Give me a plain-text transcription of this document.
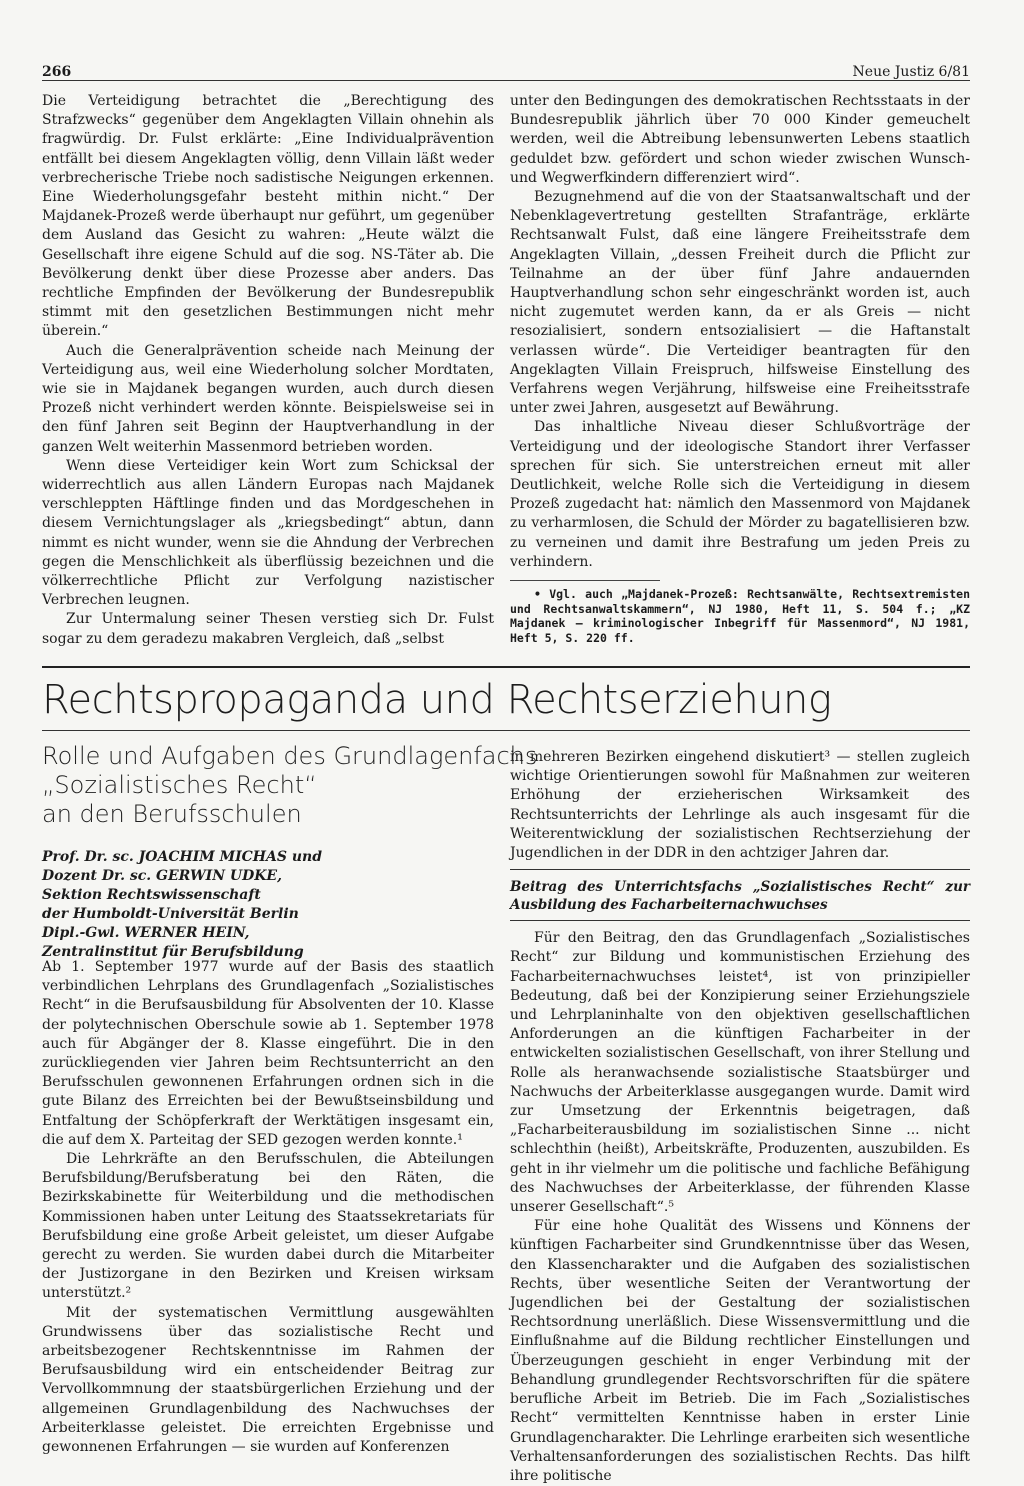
266	Neue Justiz 6/81

Die Verteidigung betrachtet die „Berechtigung des Strafzwecks“ gegenüber dem Angeklagten Villain ohnehin als fragwürdig. Dr. Fulst erklärte: „Eine Individualprävention entfällt bei diesem Angeklagten völlig, denn Villain läßt weder verbrecherische Triebe noch sadistische Neigungen erkennen. Eine Wiederholungsgefahr besteht mithin nicht.“ Der Majdanek-Prozeß werde überhaupt nur geführt, um gegenüber dem Ausland das Gesicht zu wahren: „Heute wälzt die Gesellschaft ihre eigene Schuld auf die sog. NS-Täter ab. Die Bevölkerung denkt über diese Prozesse aber anders. Das rechtliche Empfinden der Bevölkerung der Bundesrepublik stimmt mit den gesetzlichen Bestimmungen nicht mehr überein.“

Auch die Generalprävention scheide nach Meinung der Verteidigung aus, weil eine Wiederholung solcher Mordtaten, wie sie in Majdanek begangen wurden, auch durch diesen Prozeß nicht verhindert werden könnte. Beispielsweise sei in den fünf Jahren seit Beginn der Hauptverhandlung in der ganzen Welt weiterhin Massenmord betrieben worden.

Wenn diese Verteidiger kein Wort zum Schicksal der widerrechtlich aus allen Ländern Europas nach Majdanek verschleppten Häftlinge finden und das Mordgeschehen in diesem Vernichtungslager als „kriegsbedingt“ abtun, dann nimmt es nicht wunder, wenn sie die Ahndung der Verbrechen gegen die Menschlichkeit als überflüssig bezeichnen und die völkerrechtliche Pflicht zur Verfolgung nazistischer Verbrechen leugnen.

Zur Untermalung seiner Thesen verstieg sich Dr. Fulst sogar zu dem geradezu makabren Vergleich, daß „selbst

unter den Bedingungen des demokratischen Rechtsstaats in der Bundesrepublik jährlich über 70 000 Kinder gemeuchelt werden, weil die Abtreibung lebensunwerten Lebens staatlich geduldet bzw. gefördert und schon wieder zwischen Wunsch- und Wegwerfkindern differenziert wird“.

Bezugnehmend auf die von der Staatsanwaltschaft und der Nebenklagevertretung gestellten Strafanträge, erklärte Rechtsanwalt Fulst, daß eine längere Freiheitsstrafe dem Angeklagten Villain, „dessen Freiheit durch die Pflicht zur Teilnahme an der über fünf Jahre andauernden Hauptverhandlung schon sehr eingeschränkt worden ist, auch nicht zugemutet werden kann, da er als Greis — nicht resozialisiert, sondern entsozialisiert — die Haftanstalt verlassen würde“. Die Verteidiger beantragten für den Angeklagten Villain Freispruch, hilfsweise Einstellung des Verfahrens wegen Verjährung, hilfsweise eine Freiheitsstrafe unter zwei Jahren, ausgesetzt auf Bewährung.

Das inhaltliche Niveau dieser Schlußvorträge der Verteidigung und der ideologische Standort ihrer Verfasser sprechen für sich. Sie unterstreichen erneut mit aller Deutlichkeit, welche Rolle sich die Verteidigung in diesem Prozeß zugedacht hat: nämlich den Massenmord von Majdanek zu verharmlosen, die Schuld der Mörder zu bagatellisieren bzw. zu verneinen und damit ihre Bestrafung um jeden Preis zu verhindern.

• Vgl. auch „Majdanek-Prozeß: Rechtsanwälte, Rechtsextremisten und Rechtsanwaltskammern“, NJ 1980, Heft 11, S. 504 f.; „KZ Majdanek — kriminologischer Inbegriff für Massenmord“, NJ 1981, Heft 5, S. 220 ff.

Rechtspropaganda und Rechtserziehung
Rolle und Aufgaben des Grundlagenfachs
„Sozialistisches Recht“
an den Berufsschulen
Prof. Dr. sc. JOACHIM MICHAS und
Dozent Dr. sc. GERWIN UDKE,
Sektion Rechtswissenschaft
der Humboldt-Universität Berlin
Dipl.-Gwl. WERNER HEIN,
Zentralinstitut für Berufsbildung

Ab 1. September 1977 wurde auf der Basis des staatlich verbindlichen Lehrplans des Grundlagenfach „Sozialistisches Recht“ in die Berufsausbildung für Absolventen der 10. Klasse der polytechnischen Oberschule sowie ab 1. September 1978 auch für Abgänger der 8. Klasse eingeführt. Die in den zurückliegenden vier Jahren beim Rechtsunterricht an den Berufsschulen gewonnenen Erfahrungen ordnen sich in die gute Bilanz des Erreichten bei der Bewußtseinsbildung und Entfaltung der Schöpferkraft der Werktätigen insgesamt ein, die auf dem X. Parteitag der SED gezogen werden konnte.¹

Die Lehrkräfte an den Berufsschulen, die Abteilungen Berufsbildung/Berufsberatung bei den Räten, die Bezirkskabinette für Weiterbildung und die methodischen Kommissionen haben unter Leitung des Staatssekretariats für Berufsbildung eine große Arbeit geleistet, um dieser Aufgabe gerecht zu werden. Sie wurden dabei durch die Mitarbeiter der Justizorgane in den Bezirken und Kreisen wirksam unterstützt.²

Mit der systematischen Vermittlung ausgewählten Grundwissens über das sozialistische Recht und arbeitsbezogener Rechtskenntnisse im Rahmen der Berufsausbildung wird ein entscheidender Beitrag zur Vervollkommnung der staatsbürgerlichen Erziehung und der allgemeinen Grundlagenbildung des Nachwuchses der Arbeiterklasse geleistet. Die erreichten Ergebnisse und gewonnenen Erfahrungen — sie wurden auf Konferenzen

in mehreren Bezirken eingehend diskutiert³ — stellen zugleich wichtige Orientierungen sowohl für Maßnahmen zur weiteren Erhöhung der erzieherischen Wirksamkeit des Rechtsunterrichts der Lehrlinge als auch insgesamt für die Weiterentwicklung der sozialistischen Rechtserziehung der Jugendlichen in der DDR in den achtziger Jahren dar.

Beitrag des Unterrichtsfachs „Sozialistisches Recht“ zur Ausbildung des Facharbeiternachwuchses

Für den Beitrag, den das Grundlagenfach „Sozialistisches Recht“ zur Bildung und kommunistischen Erziehung des Facharbeiternachwuchses leistet⁴, ist von prinzipieller Bedeutung, daß bei der Konzipierung seiner Erziehungsziele und Lehrplaninhalte von den objektiven gesellschaftlichen Anforderungen an die künftigen Facharbeiter in der entwickelten sozialistischen Gesellschaft, von ihrer Stellung und Rolle als heranwachsende sozialistische Staatsbürger und Nachwuchs der Arbeiterklasse ausgegangen wurde. Damit wird zur Umsetzung der Erkenntnis beigetragen, daß „Facharbeiterausbildung im sozialistischen Sinne ... nicht schlechthin (heißt), Arbeitskräfte, Produzenten, auszubilden. Es geht in ihr vielmehr um die politische und fachliche Befähigung des Nachwuchses der Arbeiterklasse, der führenden Klasse unserer Gesellschaft“.⁵

Für eine hohe Qualität des Wissens und Könnens der künftigen Facharbeiter sind Grundkenntnisse über das Wesen, den Klassencharakter und die Aufgaben des sozialistischen Rechts, über wesentliche Seiten der Verantwortung der Jugendlichen bei der Gestaltung der sozialistischen Rechtsordnung unerläßlich. Diese Wissensvermittlung und die Einflußnahme auf die Bildung rechtlicher Einstellungen und Überzeugungen geschieht in enger Verbindung mit der Behandlung grundlegender Rechtsvorschriften für die spätere berufliche Arbeit im Betrieb. Die im Fach „Sozialistisches Recht“ vermittelten Kenntnisse haben in erster Linie Grundlagencharakter. Die Lehrlinge erarbeiten sich wesentliche Verhaltensanforderungen des sozialistischen Rechts. Das hilft ihre politische
